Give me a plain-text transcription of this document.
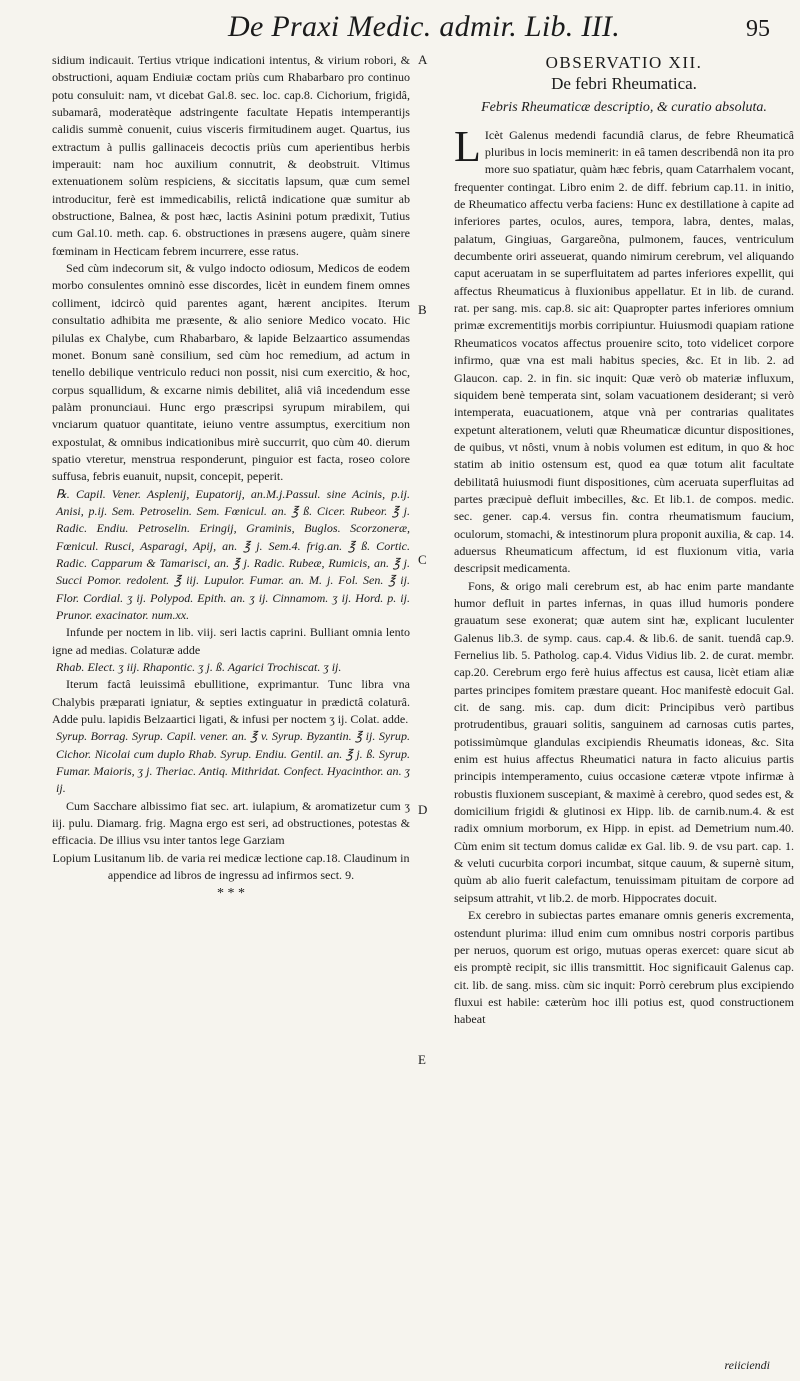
De Praxi Medic. admir. Lib. III.	95

sidium indicauit. Tertius vtrique indicationi intentus, & virium robori, & obstructioni, aquam Endiuiæ coctam priùs cum Rhabarbaro pro continuo potu consuluit: nam, vt dicebat Gal.8. sec. loc. cap.8. Cichorium, frigidâ, subamarâ, moderatèque adstringente facultate Hepatis intemperantijs calidis summè conuenit, cuius visceris firmitudinem auget. Quartus, ius extractum à pullis gallinaceis decoctis priùs cum aperientibus herbis imperauit: nam hoc auxilium connutrit, & deobstruit. Vltimus extenuationem solùm respiciens, & siccitatis lapsum, quæ cum semel introducitur, ferè est immedicabilis, relictâ indicatione quæ sumitur ab obstructione, Balnea, & post hæc, lactis Asinini potum prædixit, Tutius cum Gal.10. meth. cap. 6. obstructiones in præsens augere, quàm sinere fœminam in Hecticam febrem incurrere, esse ratus.

Sed cùm indecorum sit, & vulgo indocto odiosum, Medicos de eodem morbo consulentes omninò esse discordes, licèt in eundem finem omnes colliment, idcircò quid parentes agant, hærent ancipites. Iterum consultatio adhibita me præsente, & alio seniore Medico vocato. Hic pilulas ex Chalybe, cum Rhabarbaro, & lapide Belzaartico assumendas monet. Bonum sanè consilium, sed cùm hoc remedium, ad actum in tenello debilique ventriculo reduci non possit, nisi cum exercitio, & hoc, corpus squallidum, & excarne nimis debilitet, aliâ viâ incedendum esse palàm pronunciaui. Hunc ergo præscripsi syrupum mirabilem, qui vnciarum quatuor quantitate, ieiuno ventre assumptus, exercitium non expostulat, & omnibus indicationibus mirè succurrit, quo cùm 40. dierum spatio vteretur, menstrua responderunt, pinguior est facta, roseo colore suffusa, febris euanuit, nupsit, concepit, peperit.

℞. Capil. Vener. Asplenij, Eupatorij, an.M.j.Passul. sine Acinis, p.ij. Anisi, p.ij. Sem. Petroselin. Sem. Fœnicul. an. ℥ ß. Cicer. Rubeor. ℥ j. Radic. Endiu. Petroselin. Eringij, Graminis, Buglos. Scorzoneræ, Fœnicul. Rusci, Asparagi, Apij, an. ℥ j. Sem.4. frig.an. ℥ ß. Cortic. Radic. Capparum & Tamarisci, an. ℥ j. Radic. Rubeæ, Rumicis, an. ℥ j. Succi Pomor. redolent. ℥ iij. Lupulor. Fumar. an. M. j. Fol. Sen. ℥ ij. Flor. Cordial. ʒ ij. Polypod. Epith. an. ʒ ij. Cinnamom. ʒ ij. Hord. p. ij. Prunor. exacinator. num.xx.

Infunde per noctem in lib. viij. seri lactis caprini. Bulliant omnia lento igne ad medias. Colaturæ adde

Rhab. Elect. ʒ iij. Rhapontic. ʒ j. ß. Agarici Trochiscat. ʒ ij.

Iterum factâ leuissimâ ebullitione, exprimantur. Tunc libra vna Chalybis præparati igniatur, & septies extinguatur in prædictâ colaturâ. Adde pulu. lapidis Belzaartici ligati, & infusi per noctem ʒ ij. Colat. adde.

Syrup. Borrag. Syrup. Capil. vener. an. ℥ v. Syrup. Byzantin. ℥ ij. Syrup. Cichor. Nicolai cum duplo Rhab. Syrup. Endiu. Gentil. an. ℥ j. ß. Syrup. Fumar. Maioris, ʒ j. Theriac. Antiq. Mithridat. Confect. Hyacinthor. an. ʒ ij.

Cum Sacchare albissimo fiat sec. art. iulapium, & aromatizetur cum ʒ iij. pulu. Diamarg. frig. Magna ergo est seri, ad obstructiones, potestas & efficacia. De illius vsu inter tantos lege Garziam

Lopium Lusitanum lib. de varia rei medicæ lectione cap.18. Claudinum in appendice ad libros de ingressu ad infirmos sect. 9.

* * *
A
B
C
D
E
OBSERVATIO XII.
De febri Rheumatica.
Febris Rheumaticæ descriptio, & curatio absoluta.

L Icèt Galenus medendi facundiâ clarus, de febre Rheumaticâ pluribus in locis meminerit: in eâ tamen describendâ non ita pro more suo spatiatur, quàm hæc febris, quam Catarrhalem vocant, frequenter contingat. Libro enim 2. de diff. febrium cap.11. in initio, de Rheumatico affectu verba faciens: Hunc ex destillatione à capite ad inferiores partes, oculos, aures, tempora, labra, dentes, malas, palatum, Gingiuas, Gargareõna, pulmonem, fauces, ventriculum decumbente oriri asseuerat, quando nimirum cerebrum, vel aliquando caput aceruatam in se superfluitatem ad partes inferiores expellit, qui affectus Rheumaticus à fluxionibus appellatur. Et in lib. de curand. rat. per sang. mis. cap.8. sic ait: Quapropter partes inferiores omnium primæ excrementitijs morbis corripiuntur. Huiusmodi quapiam ratione Rheumaticos vocatos affectus prouenire scito, toto videlicet corpore infirmo, quæ vna est mali habitus species, &c. Et in lib. 2. ad Glaucon. cap. 2. in fin. sic inquit: Quæ verò ob materiæ influxum, siquidem benè temperata sint, solam vacuationem desiderant; si verò intemperata, euacuationem, atque vnà per contrarias qualitates expetunt alterationem, veluti quæ Rheumaticæ dicuntur dispositiones, de quibus, vt nôsti, vnum à nobis volumen est editum, in quo & hoc statim ab initio ostensum est, quod ea quæ totum alit facultate debilitatâ huiusmodi fiunt dispositiones, cùm aceruata superfluitas ad partes præcipuè defluit imbecilles, &c. Et lib.1. de compos. medic. sec. gener. cap.4. versus fin. contra rheumatismum faucium, oculorum, stomachi, & intestinorum plura proponit auxilia, & cap. 14. aduersus Rheumaticum affectum, id est fluxionum vitia, varia descripsit medicamenta.

Fons, & origo mali cerebrum est, ab hac enim parte mandante humor defluit in partes infernas, in quas illud humoris pondere grauatum sese exonerat; quæ autem sint hæ, explicant luculenter Galenus lib.3. de symp. caus. cap.4. & lib.6. de sanit. tuendâ cap.9. Fernelius lib. 5. Patholog. cap.4. Vidus Vidius lib. 2. de curat. membr. cap.20. Cerebrum ergo ferè huius affectus est causa, licèt etiam aliæ partes principes fomitem præstare queant. Hoc manifestè edocuit Gal. cit. de sang. mis. cap. dum dicit: Principibus verò partibus protrudentibus, grauari solitis, sanguinem ad carnosas cutis partes, potissimùmque glandulas excipiendis Rheumatis idoneas, &c. Sita enim est huius affectus Rheumatici natura in facto alicuius partis principis intemperamento, cuius occasione cæteræ vtpote infirmæ à robustis fluxionem suscepiant, & maximè à cerebro, quod sedes est, & domicilium frigidi & glutinosi ex Hipp. lib. de carnib.num.4. & est radix omnium morborum, ex Hipp. in epist. ad Demetrium num.40. Cùm enim sit tectum domus calidæ ex Gal. lib. 9. de vsu part. cap. 1. & veluti cucurbita corpori incumbat, sitque cauum, & supernè situm, quùm ab alio fuerit calefactum, tenuissimam pituitam de corpore ad seipsum attrahit, vt lib.2. de morb. Hippocrates docuit.

Ex cerebro in subiectas partes emanare omnis generis excrementa, ostendunt plurima: illud enim cum omnibus nostri corporis partibus per neruos, quorum est origo, mutuas operas exercet: quare sicut ab eis promptè recipit, sic illis transmittit. Hoc significauit Galenus cap. cit. lib. de sang. miss. cùm sic inquit: Porrò cerebrum plus excipiendo fluxui est habile: cæterùm hoc illi potius est, quod constructionem habeat

reiiciendi
